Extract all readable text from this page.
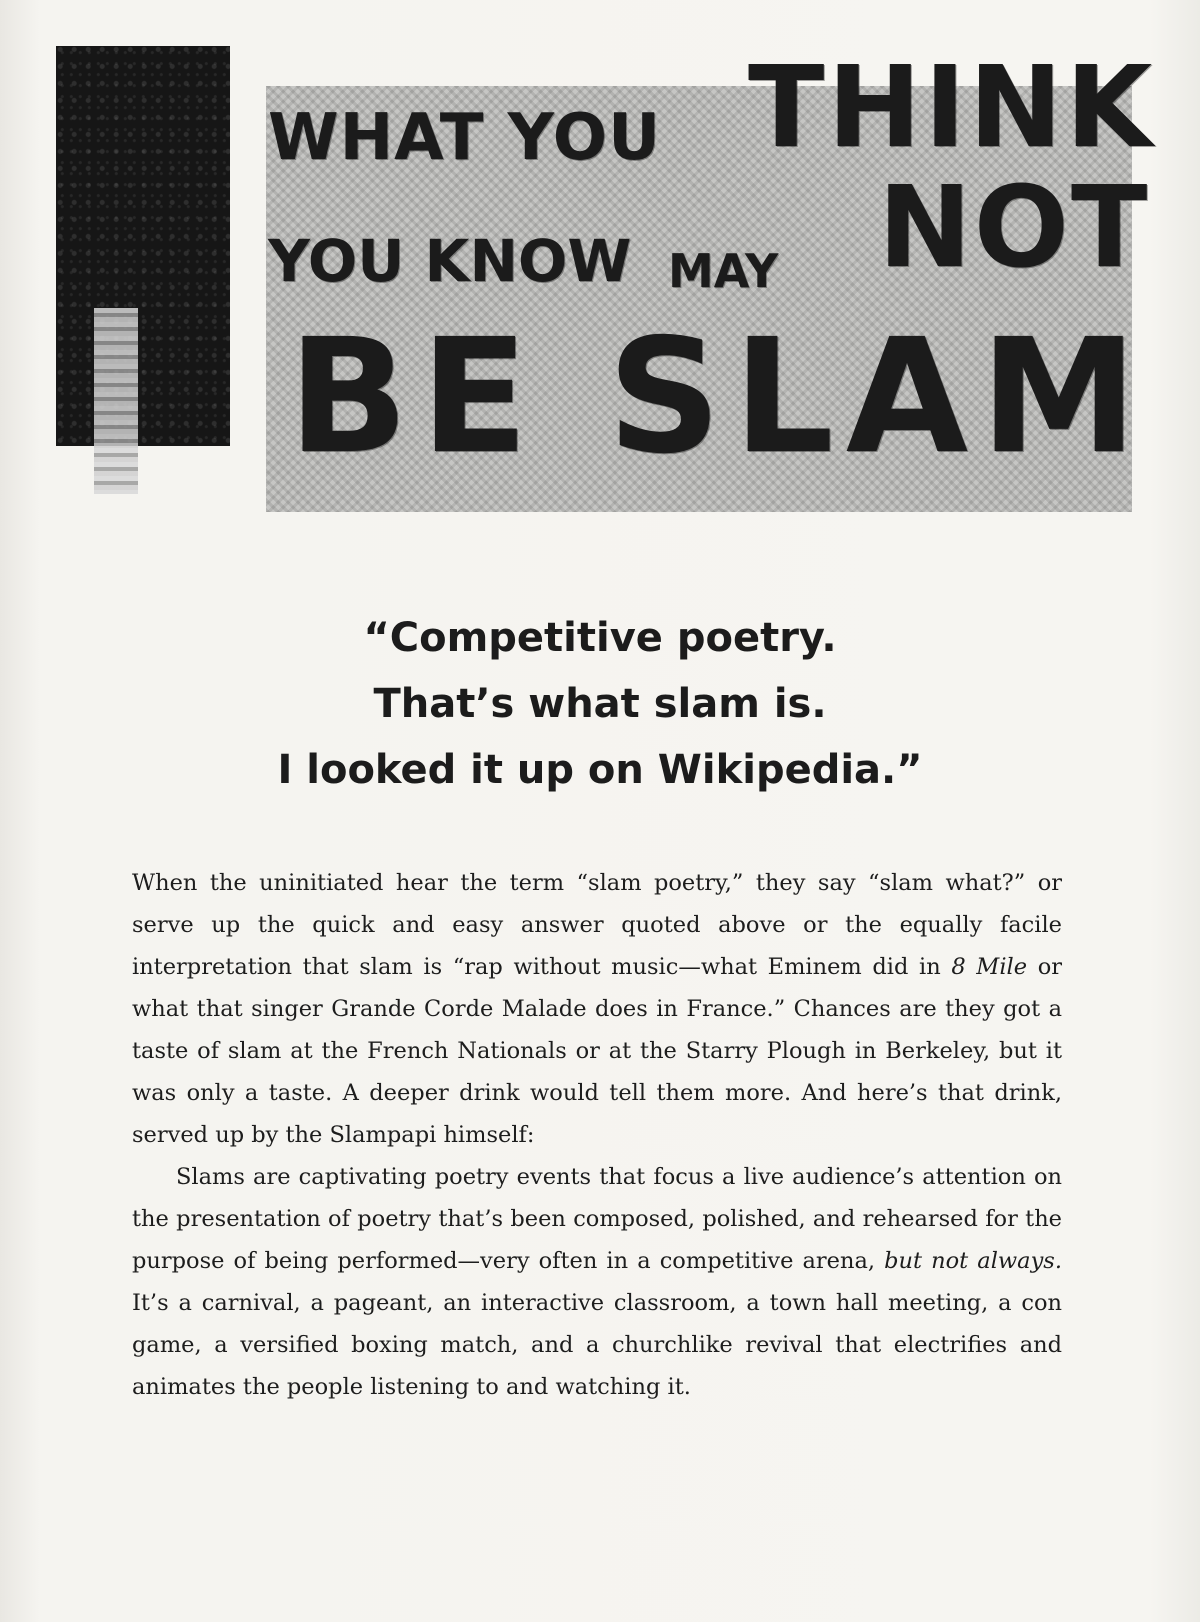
WHAT YOU THINK
YOU KNOW MAY NOT
BE SLAM
“Competitive poetry.
That’s what slam is.
I looked it up on Wikipedia.”

When the uninitiated hear the term “slam poetry,” they say “slam what?” or serve up the quick and easy answer quoted above or the equally facile interpretation that slam is “rap without music—what Eminem did in 8 Mile or what that singer Grande Corde Malade does in France.” Chances are they got a taste of slam at the French Nationals or at the Starry Plough in Berkeley, but it was only a taste. A deeper drink would tell them more. And here’s that drink, served up by the Slampapi himself:

Slams are captivating poetry events that focus a live audience’s attention on the presentation of poetry that’s been composed, polished, and rehearsed for the purpose of being performed—very often in a competitive arena, but not always. It’s a carnival, a pageant, an interactive classroom, a town hall meeting, a con game, a versified boxing match, and a churchlike revival that electrifies and animates the people listening to and watching it.
